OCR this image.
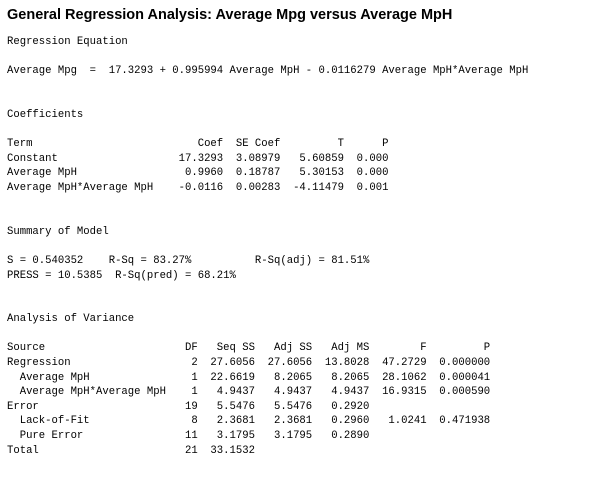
General Regression Analysis: Average Mpg versus Average MpH
Regression Equation

Average Mpg  =  17.3293 + 0.995994 Average MpH - 0.0116279 Average MpH*Average MpH

Coefficients

Term                          Coef  SE Coef         T      P
Constant                   17.3293  3.08979   5.60859  0.000
Average MpH                 0.9960  0.18787   5.30153  0.000
Average MpH*Average MpH    -0.0116  0.00283  -4.11479  0.001

Summary of Model

S = 0.540352    R-Sq = 83.27%          R-Sq(adj) = 81.51%
PRESS = 10.5385  R-Sq(pred) = 68.21%

Analysis of Variance

Source                      DF   Seq SS   Adj SS   Adj MS        F         P
Regression                   2  27.6056  27.6056  13.8028  47.2729  0.000000
Average MpH                1  22.6619   8.2065   8.2065  28.1062  0.000041
Average MpH*Average MpH    1   4.9437   4.9437   4.9437  16.9315  0.000590
Error                       19   5.5476   5.5476   0.2920
Lack-of-Fit                8   2.3681   2.3681   0.2960   1.0241  0.471938
Pure Error                11   3.1795   3.1795   0.2890
Total                       21  33.1532
